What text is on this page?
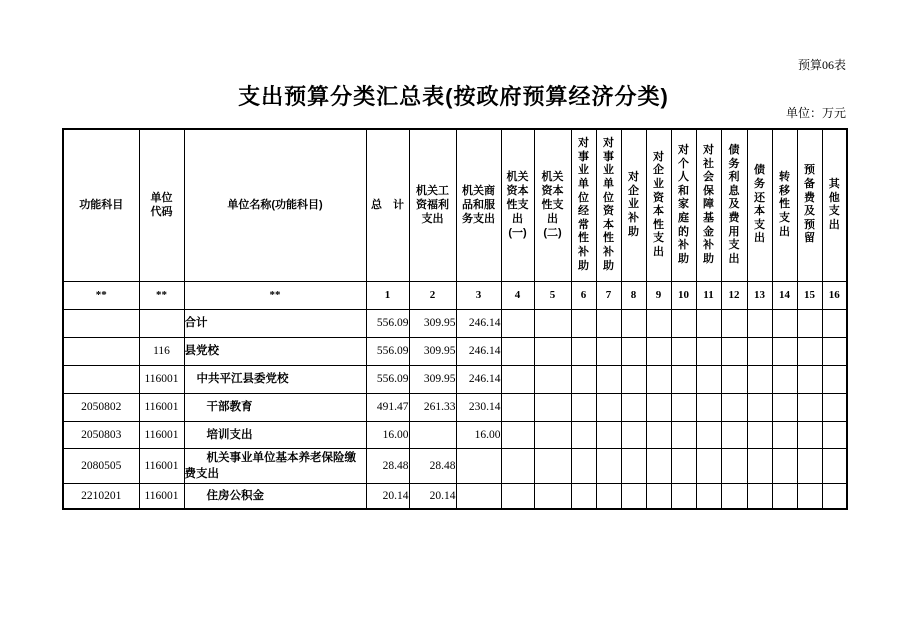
预算06表
支出预算分类汇总表(按政府预算经济分类)
单位：万元
功能科目	单位代码	单位名称(功能科目)	总　计	机关工资福利支出	机关商品和服务支出	机关资本性支出(一)	机关资本性支出(二)	对事业单位经常性补助	对事业单位资本性补助	对企业补助	对企业资本性支出	对个人和家庭的补助	对社会保障基金补助	债务利息及费用支出	债务还本支出	转移性支出	预备费及预留	其他支出

**	**	**	1	2	3	4	5	6	7	8	9	10	11	12	13	14	15	16
		合计	556.09	309.95	246.14													
	116	县党校	556.09	309.95	246.14													
	116001	中共平江县委党校	556.09	309.95	246.14													
2050802	116001	干部教育	491.47	261.33	230.14													
2050803	116001	培训支出	16.00		16.00													
2080505	116001	机关事业单位基本养老保险缴费支出	28.48	28.48														
2210201	116001	住房公积金	20.14	20.14														
